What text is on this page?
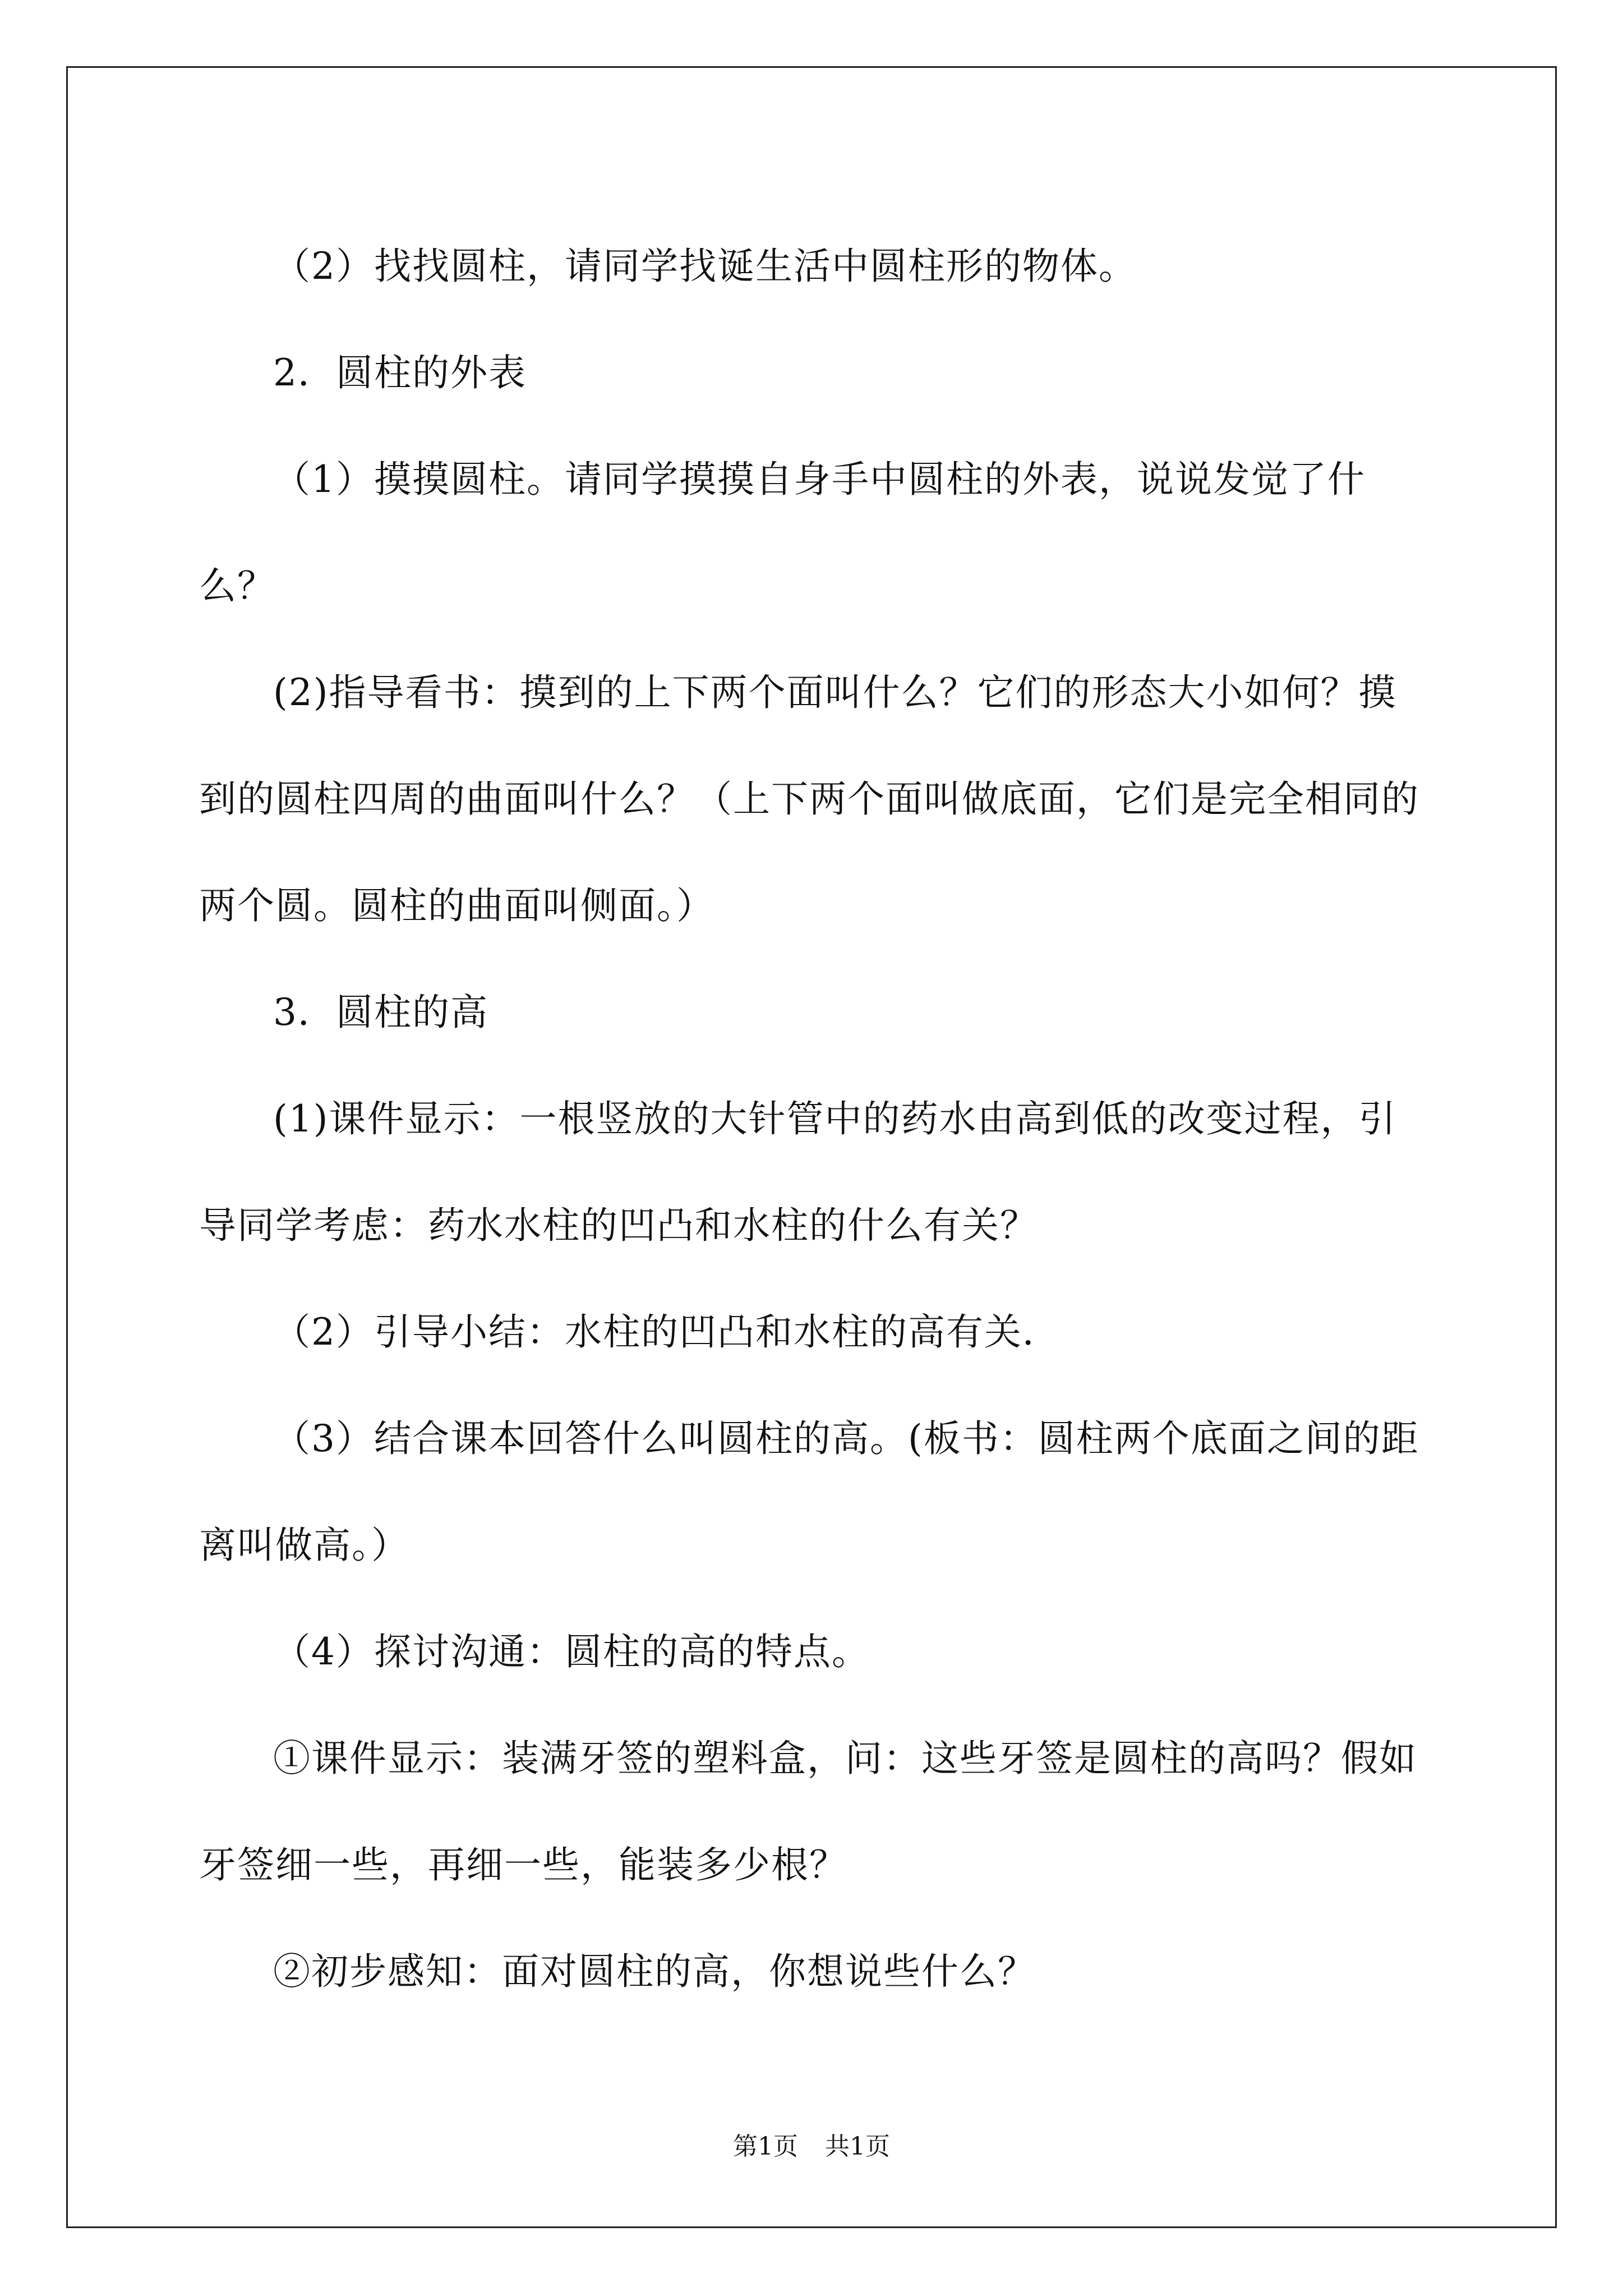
（2）找找圆柱，请同学找诞生活中圆柱形的物体。

2．圆柱的外表

（1）摸摸圆柱。请同学摸摸自身手中圆柱的外表，说说发觉了什么？

(2)指导看书：摸到的上下两个面叫什么？它们的形态大小如何？摸到的圆柱四周的曲面叫什么？（上下两个面叫做底面，它们是完全相同的两个圆。圆柱的曲面叫侧面。）

3．圆柱的高

(1)课件显示：一根竖放的大针管中的药水由高到低的改变过程，引导同学考虑：药水水柱的凹凸和水柱的什么有关？

（2）引导小结：水柱的凹凸和水柱的高有关．

（3）结合课本回答什么叫圆柱的高。(板书：圆柱两个底面之间的距离叫做高。）

（4）探讨沟通：圆柱的高的特点。

①课件显示：装满牙签的塑料盒，问：这些牙签是圆柱的高吗？假如牙签细一些，再细一些，能装多少根？

②初步感知：面对圆柱的高，你想说些什么？

第1页 共1页
